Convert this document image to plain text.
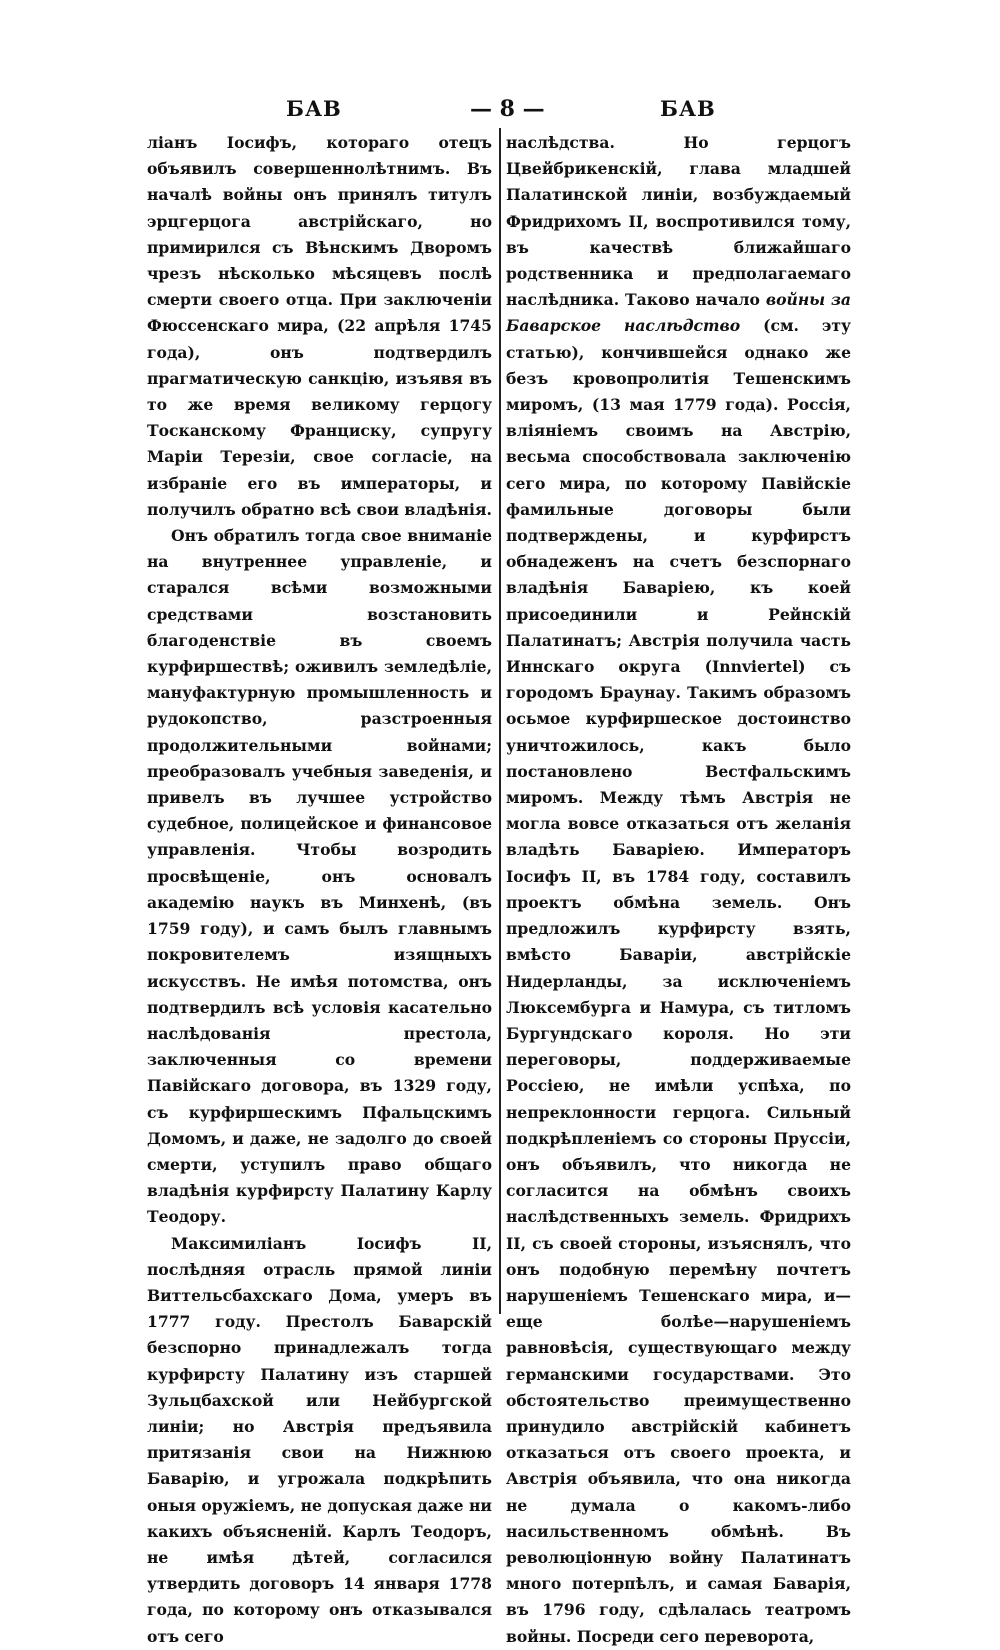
БАВ	— 8 —	БАВ

ліанъ Іосифъ, котораго отецъ объявилъ совершеннолѣтнимъ. Въ началѣ войны онъ принялъ титулъ эрцгерцога австрійскаго, но примирился съ Вѣнскимъ Дворомъ чрезъ нѣсколько мѣсяцевъ послѣ смерти своего отца. При заключеніи Фюссенскаго мира, (22 апрѣля 1745 года), онъ подтвердилъ прагматическую санкцію, изъявя въ то же время великому герцогу Тосканскому Франциску, супругу Маріи Терезіи, свое согласіе, на избраніе его въ императоры, и получилъ обратно всѣ свои владѣнія.

Онъ обратилъ тогда свое вниманіе на внутреннее управленіе, и старался всѣми возможными средствами возстановить благоденствіе въ своемъ курфиршествѣ; оживилъ земледѣліе, мануфактурную промышленность и рудокопство, разстроенныя продолжительными войнами; преобразовалъ учебныя заведенія, и привелъ въ лучшее устройство судебное, полицейское и финансовое управленія. Чтобы возродить просвѣщеніе, онъ основалъ академію наукъ въ Минхенѣ, (въ 1759 году), и самъ былъ главнымъ покровителемъ изящныхъ искусствъ. Не имѣя потомства, онъ подтвердилъ всѣ условія касательно наслѣдованія престола, заключенныя со времени Павійскаго договора, въ 1329 году, съ курфиршескимъ Пфальцскимъ Домомъ, и даже, не задолго до своей смерти, уступилъ право общаго владѣнія курфирсту Палатину Карлу Теодору.

Максимиліанъ Іосифъ II, послѣдняя отрасль прямой линіи Виттельсбахскаго Дома, умеръ въ 1777 году. Престолъ Баварскій безспорно принадлежалъ тогда курфирсту Палатину изъ старшей Зульцбахской или Нейбургской линіи; но Австрія предъявила притязанія свои на Нижнюю Баварію, и угрожала подкрѣпить оныя оружіемъ, не допуская даже ни какихъ объясненій. Карлъ Теодоръ, не имѣя дѣтей, согласился утвердить договоръ 14 января 1778 года, по которому онъ отказывался отъ сего

наслѣдства. Но герцогъ Цвейбрикенскій, глава младшей Палатинской линіи, возбуждаемый Фридрихомъ II, воспротивился тому, въ качествѣ ближайшаго родственника и предполагаемаго наслѣдника. Таково начало войны за Баварское наслѣдство (см. эту статью), кончившейся однако же безъ кровопролитія Тешенскимъ миромъ, (13 мая 1779 года). Россія, вліяніемъ своимъ на Австрію, весьма способствовала заключенію сего мира, по которому Павійскіе фамильные договоры были подтверждены, и курфирстъ обнадеженъ на счетъ безспорнаго владѣнія Баваріею, къ коей присоединили и Рейнскій Палатинатъ; Австрія получила часть Иннскаго округа (Innviertel) съ городомъ Браунау. Такимъ образомъ осьмое курфиршеское достоинство уничтожилось, какъ было постановлено Вестфальскимъ миромъ. Между тѣмъ Австрія не могла вовсе отказаться отъ желанія владѣть Баваріею. Императоръ Іосифъ II, въ 1784 году, составилъ проектъ обмѣна земель. Онъ предложилъ курфирсту взять, вмѣсто Баваріи, австрійскіе Нидерланды, за исключеніемъ Люксембурга и Намура, съ титломъ Бургундскаго короля. Но эти переговоры, поддерживаемые Россіею, не имѣли успѣха, по непреклонности герцога. Сильный подкрѣпленіемъ со стороны Пруссіи, онъ объявилъ, что никогда не согласится на обмѣнъ своихъ наслѣдственныхъ земель. Фридрихъ II, съ своей стороны, изъяснялъ, что онъ подобную перемѣну почтетъ нарушеніемъ Тешенскаго мира, и—еще болѣе—нарушеніемъ равновѣсія, существующаго между германскими государствами. Это обстоятельство преимущественно принудило австрійскій кабинетъ отказаться отъ своего проекта, и Австрія объявила, что она никогда не думала о какомъ-либо насильственномъ обмѣнѣ. Въ революціонную войну Палатинатъ много потерпѣлъ, и самая Баварія, въ 1796 году, сдѣлалась театромъ войны. Посреди сего переворота,
